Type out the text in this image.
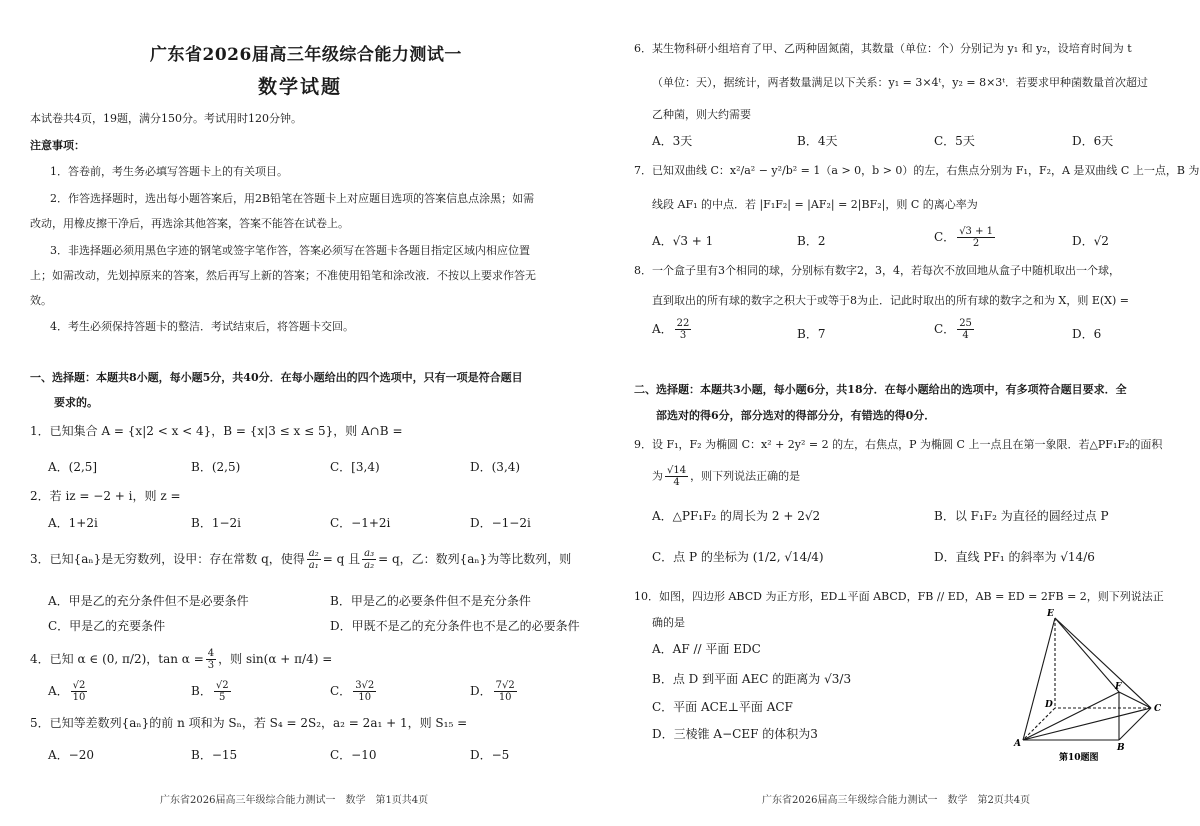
广东省2026届高三年级综合能力测试一
数学试题
本试卷共4页，19题，满分150分。考试用时120分钟。
注意事项：
1．答卷前，考生务必填写答题卡上的有关项目。
2．作答选择题时，选出每小题答案后，用2B铅笔在答题卡上对应题目选项的答案信息点涂黑；如需
改动，用橡皮擦干净后，再选涂其他答案，答案不能答在试卷上。
3．非选择题必须用黑色字迹的钢笔或签字笔作答，答案必须写在答题卡各题目指定区域内相应位置
上；如需改动，先划掉原来的答案，然后再写上新的答案；不准使用铅笔和涂改液．不按以上要求作答无
效。
4．考生必须保持答题卡的整洁．考试结束后，将答题卡交回。
一、选择题：本题共8小题，每小题5分，共40分．在每小题给出的四个选项中，只有一项是符合题目
要求的。
1．已知集合 A = {x|2 < x < 4}，B = {x|3 ≤ x ≤ 5}，则 A∩B =
A．(2,5]	B．(2,5)	C．[3,4)	D．(3,4)
2．若 iz = −2 + i，则 z =
A．1+2i	B．1−2i	C．−1+2i	D．−1−2i
3．已知{aₙ}是无穷数列，设甲：存在常数 q，使得 $\frac{\text{a₂}}{\text{a₁}} = q$ 且 $\frac{\text{a₃}}{\text{a₂}} = q$，乙：数列{aₙ}为等比数列，则
A．甲是乙的充分条件但不是必要条件	B．甲是乙的必要条件但不是充分条件
C．甲是乙的充要条件	D．甲既不是乙的充分条件也不是乙的必要条件
4．已知 α ∈ (0, π/2)，$\tan \alpha = \frac{4}{3}$ ，则 sin(α + π/4) =
A． $\frac{√2}{10}$	B． $\frac{√2}{5}$	C． $\frac{3√2}{10}$	D． $\frac{7√2}{10}$
5．已知等差数列{aₙ}的前 n 项和为 Sₙ，若 S₄ = 2S₂，a₂ = 2a₁ + 1，则 S₁₅ =
A．−20	B．−15	C．−10	D．−5
广东省2026届高三年级综合能力测试一　数学　第1页共4页
6．某生物科研小组培育了甲、乙两种固氮菌，其数量（单位：个）分别记为 y₁ 和 y₂，设培育时间为 t
（单位：天），据统计，两者数量满足以下关系：y₁ = 3×4ᵗ，y₂ = 8×3ᵗ．若要求甲种菌数量首次超过
乙种菌，则大约需要
A．3天	B．4天	C．5天	D．6天
7．已知双曲线 C：x²/a² − y²/b² = 1（a > 0，b > 0）的左，右焦点分别为 F₁，F₂，A 是双曲线 C 上一点，B 为
线段 AF₁ 的中点．若 |F₁F₂| = |AF₂| = 2|BF₂|，则 C 的离心率为
A．√3 + 1	B．2	C． $\frac{√3 + 1}{2}$	D．√2
8．一个盒子里有3个相同的球，分别标有数字2，3，4，若每次不放回地从盒子中随机取出一个球，
直到取出的所有球的数字之积大于或等于8为止．记此时取出的所有球的数字之和为 X，则 E(X) =
A． $\frac{22}{3}$	B．7	C． $\frac{25}{4}$	D．6
二、选择题：本题共3小题，每小题6分，共18分．在每小题给出的选项中，有多项符合题目要求．全
部选对的得6分，部分选对的得部分分，有错选的得0分．
9．设 F₁，F₂ 为椭圆 C：x² + 2y² = 2 的左，右焦点，P 为椭圆 C 上一点且在第一象限．若△PF₁F₂的面积
为 $\frac{√14}{4}$ ，则下列说法正确的是
A．△PF₁F₂ 的周长为 2 + 2√2	B．以 F₁F₂ 为直径的圆经过点 P
C．点 P 的坐标为 (1/2, √14/4)	D．直线 PF₁ 的斜率为 √14/6
10．如图，四边形 ABCD 为正方形，ED⊥平面 ABCD，FB // ED，AB = ED = 2FB = 2，则下列说法正
确的是
A．AF // 平面 EDC
B．点 D 到平面 AEC 的距离为 √3/3
C．平面 ACE⊥平面 ACF
D．三棱锥 A−CEF 的体积为3
E
F
D	C
A	B
第10题图
广东省2026届高三年级综合能力测试一　数学　第2页共4页
